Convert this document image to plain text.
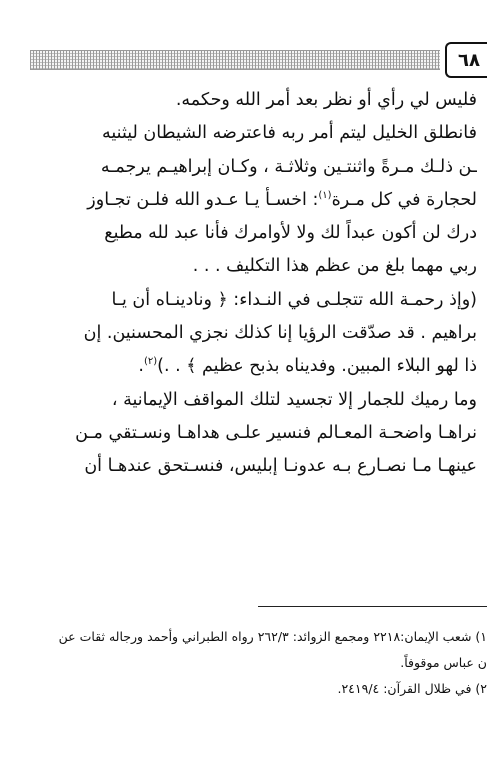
٦٨
فليس لي رأي أو نظر بعد أمر الله وحكمه.
فانطلق الخليل ليتم أمر ربه فاعترضه الشيطان ليثنيه
ـن ذلـك مـرةً واثنتـين وثلاثـة ، وكـان إبراهيـم يرجمـه
لحجارة في كل مـرة$^{(١)}$: اخسـأ يـا عـدو الله فلـن تجـاوز
درك لن أكون عبداً لك ولا لأوامرك فأنا عبد لله مطيع
ربي مهما بلغ من عظم هذا التكليف . . .
(وإذ رحمـة الله تتجلـى في النـداء: ﴿ ونادينـاه أن يـا
براهيم . قد صدّقت الرؤيا إنا كذلك نجزي المحسنين. إن
ذا لهو البلاء المبين. وفديناه بذبح عظيم ﴾ . .)$^{(٢)}$.
وما رميك للجمار إلا تجسيد لتلك المواقف الإيمانية ،
نراهـا واضحـة المعـالم فنسير علـى هداهـا ونسـتقي مـن
عينهـا مـا نصـارع بـه عدونـا إبليس، فنسـتحق عندهـا أن
١) شعب الإيمان:٢٢١٨ ومجمع الزوائد: ٢٦٢/٣ رواه الطبراني وأحمد ورجاله ثقات عن
ن عباس موقوفاً.
٢) في ظلال القرآن: ٢٤١٩/٤.
